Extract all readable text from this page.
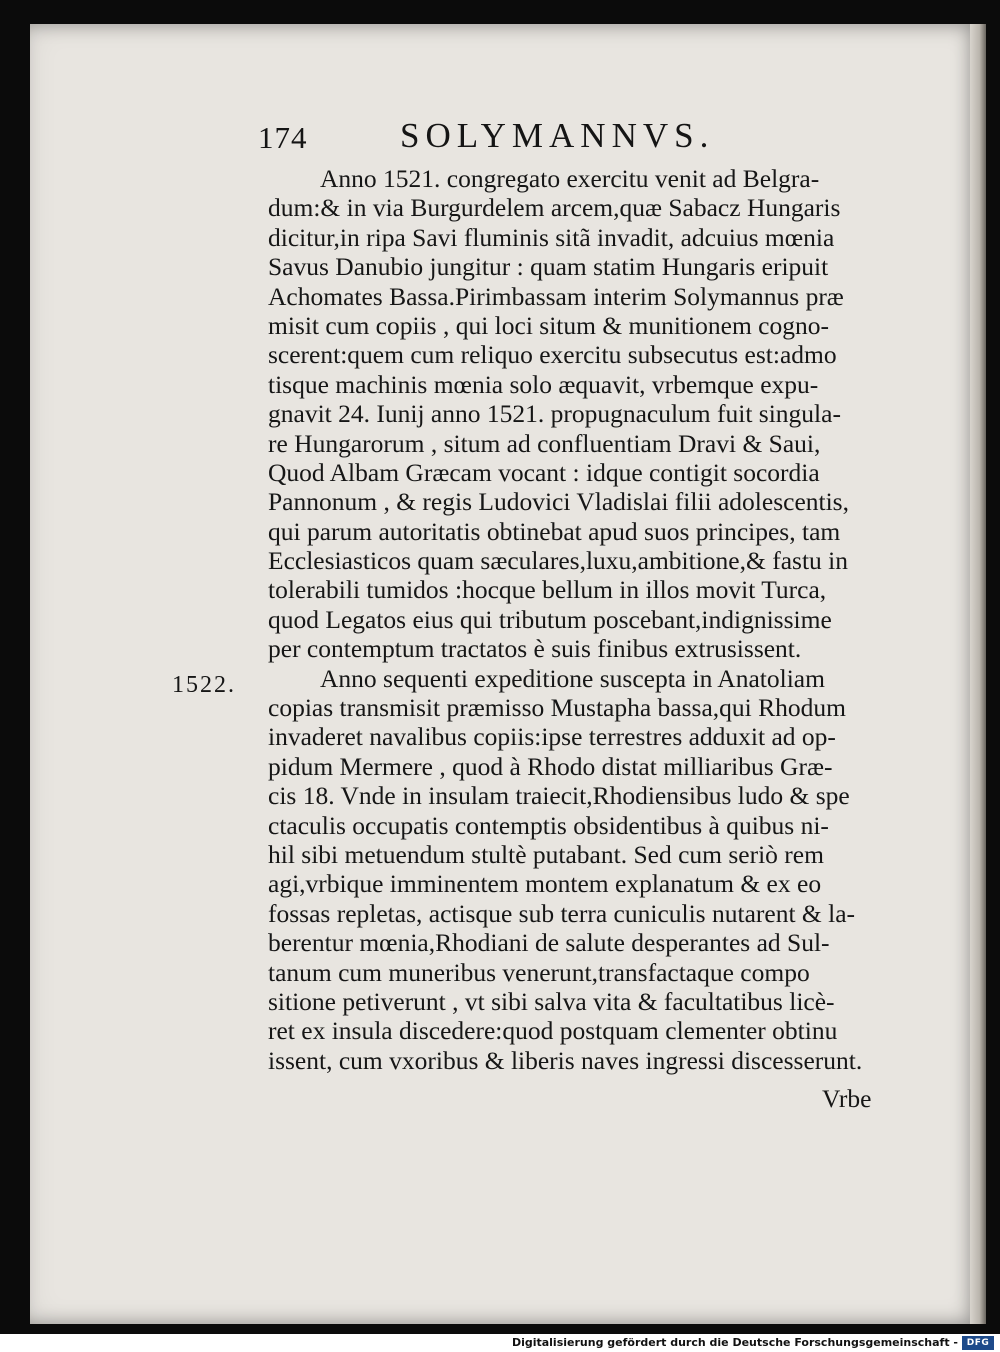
174	SOLYMANNVS.
1522.
Anno 1521. congregato exercitu venit ad Belgra-
dum:& in via Burgurdelem arcem,quæ Sabacz Hungaris
dicitur,in ripa Savi fluminis sitã invadit, adcuius mœnia
Savus Danubio jungitur : quam statim Hungaris eripuit
Achomates Bassa.Pirimbassam interim Solymannus præ
misit cum copiis , qui loci situm & munitionem cogno-
scerent:quem cum reliquo exercitu subsecutus est:admo
tisque machinis mœnia solo æquavit, vrbemque expu-
gnavit 24. Iunij anno 1521. propugnaculum fuit singula-
re Hungarorum , situm ad confluentiam Dravi & Saui,
Quod Albam Græcam vocant : idque contigit socordia
Pannonum , & regis Ludovici Vladislai filii adolescentis,
qui parum autoritatis obtinebat apud suos principes, tam
Ecclesiasticos quam sæculares,luxu,ambitione,& fastu in
tolerabili tumidos :hocque bellum in illos movit Turca,
quod Legatos eius qui tributum poscebant,indignissime
per contemptum tractatos è suis finibus extrusissent.
Anno sequenti expeditione suscepta in Anatoliam
copias transmisit præmisso Mustapha bassa,qui Rhodum
invaderet navalibus copiis:ipse terrestres adduxit ad op-
pidum Mermere , quod à Rhodo distat milliaribus Græ-
cis 18. Vnde in insulam traiecit,Rhodiensibus ludo & spe
ctaculis occupatis contemptis obsidentibus à quibus ni-
hil sibi metuendum stultè putabant. Sed cum seriò rem
agi,vrbique imminentem montem explanatum & ex eo
fossas repletas, actisque sub terra cuniculis nutarent & la-
berentur mœnia,Rhodiani de salute desperantes ad Sul-
tanum cum muneribus venerunt,transfactaque compo
sitione petiverunt , vt sibi salva vita & facultatibus licè-
ret ex insula discedere:quod postquam clementer obtinu
issent, cum vxoribus & liberis naves ingressi discesserunt.
Vrbe
Digitalisierung gefördert durch die Deutsche Forschungsgemeinschaft - DFG
